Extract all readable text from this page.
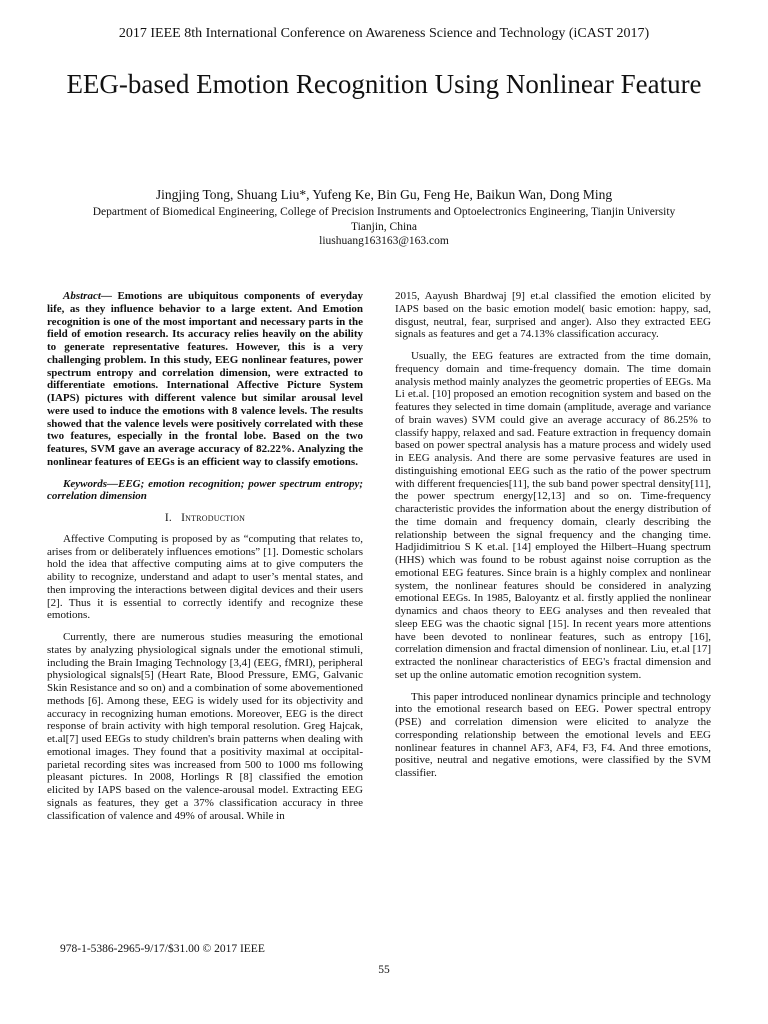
2017 IEEE 8th International Conference on Awareness Science and Technology (iCAST 2017)
EEG-based Emotion Recognition Using Nonlinear Feature
Jingjing Tong, Shuang Liu*, Yufeng Ke, Bin Gu, Feng He, Baikun Wan, Dong Ming
Department of Biomedical Engineering, College of Precision Instruments and Optoelectronics Engineering, Tianjin University
Tianjin, China
liushuang163163@163.com

Abstract— Emotions are ubiquitous components of everyday life, as they influence behavior to a large extent. And Emotion recognition is one of the most important and necessary parts in the field of emotion research. Its accuracy relies heavily on the ability to generate representative features. However, this is a very challenging problem. In this study, EEG nonlinear features, power spectrum entropy and correlation dimension, were extracted to differentiate emotions. International Affective Picture System (IAPS) pictures with different valence but similar arousal level were used to induce the emotions with 8 valence levels. The results showed that the valence levels were positively correlated with these two features, especially in the frontal lobe. Based on the two features, SVM gave an average accuracy of 82.22%. Analyzing the nonlinear features of EEGs is an efficient way to classify emotions.

Keywords—EEG; emotion recognition; power spectrum entropy; correlation dimension

I. Introduction

Affective Computing is proposed by as “computing that relates to, arises from or deliberately influences emotions” [1]. Domestic scholars hold the idea that affective computing aims at to give computers the ability to recognize, understand and adapt to user’s mental states, and then improving the interactions between digital devices and their users [2]. Thus it is essential to correctly identify and recognize these emotions.

Currently, there are numerous studies measuring the emotional states by analyzing physiological signals under the emotional stimuli, including the Brain Imaging Technology [3,4] (EEG, fMRI), peripheral physiological signals[5] (Heart Rate, Blood Pressure, EMG, Galvanic Skin Resistance and so on) and a combination of some abovementioned methods [6]. Among these, EEG is widely used for its objectivity and accuracy in recognizing human emotions. Moreover, EEG is the direct response of brain activity with high temporal resolution. Greg Hajcak, et.al[7] used EEGs to study children's brain patterns when dealing with emotional images. They found that a positivity maximal at occipital-parietal recording sites was increased from 500 to 1000 ms following pleasant pictures. In 2008, Horlings R [8] classified the emotion elicited by IAPS based on the valence-arousal model. Extracting EEG signals as features, they get a 37% classification accuracy in three classification of valence and 49% of arousal. While in

2015, Aayush Bhardwaj [9] et.al classified the emotion elicited by IAPS based on the basic emotion model( basic emotion: happy, sad, disgust, neutral, fear, surprised and anger). Also they extracted EEG signals as features and get a 74.13% classification accuracy.

Usually, the EEG features are extracted from the time domain, frequency domain and time-frequency domain. The time domain analysis method mainly analyzes the geometric properties of EEGs. Ma Li et.al. [10] proposed an emotion recognition system and based on the features they selected in time domain (amplitude, average and variance of brain waves) SVM could give an average accuracy of 86.25% to classify happy, relaxed and sad. Feature extraction in frequency domain based on power spectral analysis has a mature process and widely used in EEG analysis. And there are some pervasive features are used in distinguishing emotional EEG such as the ratio of the power spectrum with different frequencies[11], the sub band power spectral density[11], the power spectrum energy[12,13] and so on. Time-frequency characteristic provides the information about the energy distribution of the time domain and frequency domain, clearly describing the relationship between the signal frequency and the changing time. Hadjidimitriou S K et.al. [14] employed the Hilbert–Huang spectrum (HHS) which was found to be robust against noise corruption as the emotional EEG features. Since brain is a highly complex and nonlinear system, the nonlinear features should be considered in analyzing emotional EEGs. In 1985, Baloyantz et al. firstly applied the nonlinear dynamics and chaos theory to EEG analyses and then revealed that sleep EEG was the chaotic signal [15]. In recent years more attentions have been devoted to nonlinear features, such as entropy [16], correlation dimension and fractal dimension of nonlinear. Liu, et.al [17] extracted the nonlinear characteristics of EEG's fractal dimension and set up the online automatic emotion recognition system.

This paper introduced nonlinear dynamics principle and technology into the emotional research based on EEG. Power spectral entropy (PSE) and correlation dimension were elicited to analyze the corresponding relationship between the emotional levels and EEG nonlinear features in channel AF3, AF4, F3, F4. And three emotions, positive, neutral and negative emotions, were classified by the SVM classifier.

978-1-5386-2965-9/17/$31.00 © 2017 IEEE
55
